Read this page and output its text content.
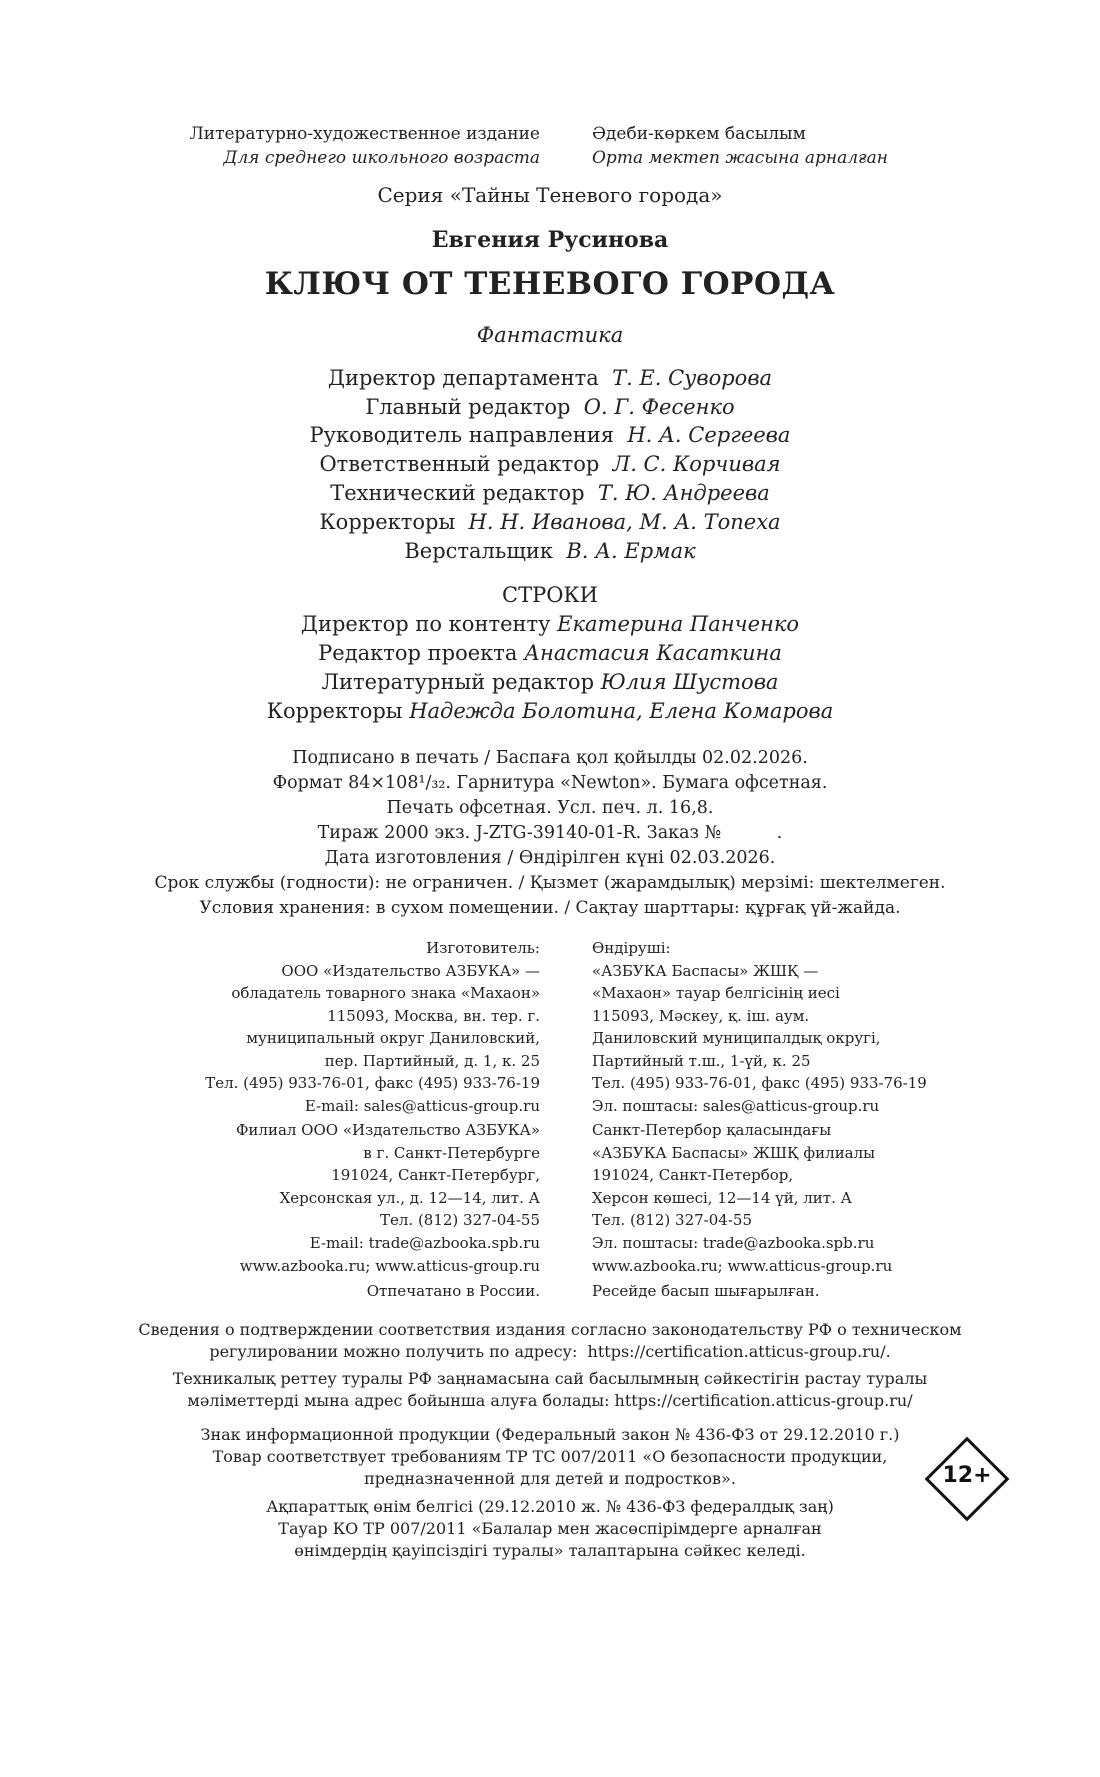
Литературно-художественное издание
Для среднего школьного возраста
Әдеби-көркем басылым
Орта мектеп жасына арналған
Серия «Тайны Теневого города»
Евгения Русинова
КЛЮЧ ОТ ТЕНЕВОГО ГОРОДА
Фантастика
Директор департамента Т. Е. Суворова
Главный редактор О. Г. Фесенко
Руководитель направления Н. А. Сергеева
Ответственный редактор Л. С. Корчивая
Технический редактор Т. Ю. Андреева
Корректоры Н. Н. Иванова, М. А. Топеха
Верстальщик В. А. Ермак
СТРОКИ
Директор по контенту Екатерина Панченко
Редактор проекта Анастасия Касаткина
Литературный редактор Юлия Шустова
Корректоры Надежда Болотина, Елена Комарова
Подписано в печать / Баспаға қол қойылды 02.02.2026.
Формат 84×108¹/₃₂. Гарнитура «Newton». Бумага офсетная.
Печать офсетная. Усл. печ. л. 16,8.
Тираж 2000 экз. J-ZTG-39140-01-R. Заказ №          .
Дата изготовления / Өндірілген күні 02.03.2026.
Срок службы (годности): не ограничен. / Қызмет (жарамдылық) мерзімі: шектелмеген.
Условия хранения: в сухом помещении. / Сақтау шарттары: құрғақ үй-жайда.
Изготовитель:
ООО «Издательство АЗБУКА» —
обладатель товарного знака «Махаон»
115093, Москва, вн. тер. г.
муниципальный округ Даниловский,
пер. Партийный, д. 1, к. 25
Тел. (495) 933-76-01, факс (495) 933-76-19
E-mail: sales@atticus-group.ru
Өндіруші:
«АЗБУКА Баспасы» ЖШҚ —
«Махаон» тауар белгісінің иесі
115093, Мәскеу, қ. іш. аум.
Даниловский муниципалдық округі,
Партийный т.ш., 1-үй, к. 25
Тел. (495) 933-76-01, факс (495) 933-76-19
Эл. поштасы: sales@atticus-group.ru
Филиал ООО «Издательство АЗБУКА»
в г. Санкт-Петербурге
191024, Санкт-Петербург,
Херсонская ул., д. 12—14, лит. А
Тел. (812) 327-04-55
E-mail: trade@azbooka.spb.ru
Санкт-Петербор қаласындағы
«АЗБУКА Баспасы» ЖШҚ филиалы
191024, Санкт-Петербор,
Херсон көшесі, 12—14 үй, лит. А
Тел. (812) 327-04-55
Эл. поштасы: trade@azbooka.spb.ru
www.azbooka.ru; www.atticus-group.ru	www.azbooka.ru; www.atticus-group.ru
Отпечатано в России.	Ресейде басып шығарылған.
Сведения о подтверждении соответствия издания согласно законодательству РФ о техническом
регулировании можно получить по адресу:  https://certification.atticus-group.ru/.
Техникалық реттеу туралы РФ заңнамасына сай басылымның сәйкестігін растау туралы
мәліметтерді мына адрес бойынша алуға болады: https://certification.atticus-group.ru/
Знак информационной продукции (Федеральный закон № 436-ФЗ от 29.12.2010 г.)
Товар соответствует требованиям ТР ТС 007/2011 «О безопасности продукции,
предназначенной для детей и подростков».
Ақпараттық өнім белгісі (29.12.2010 ж. № 436-ФЗ федералдық заң)
Тауар КО ТР 007/2011 «Балалар мен жасөспірімдерге арналған
өнімдердің қауіпсіздігі туралы» талаптарына сәйкес келеді.
12+
